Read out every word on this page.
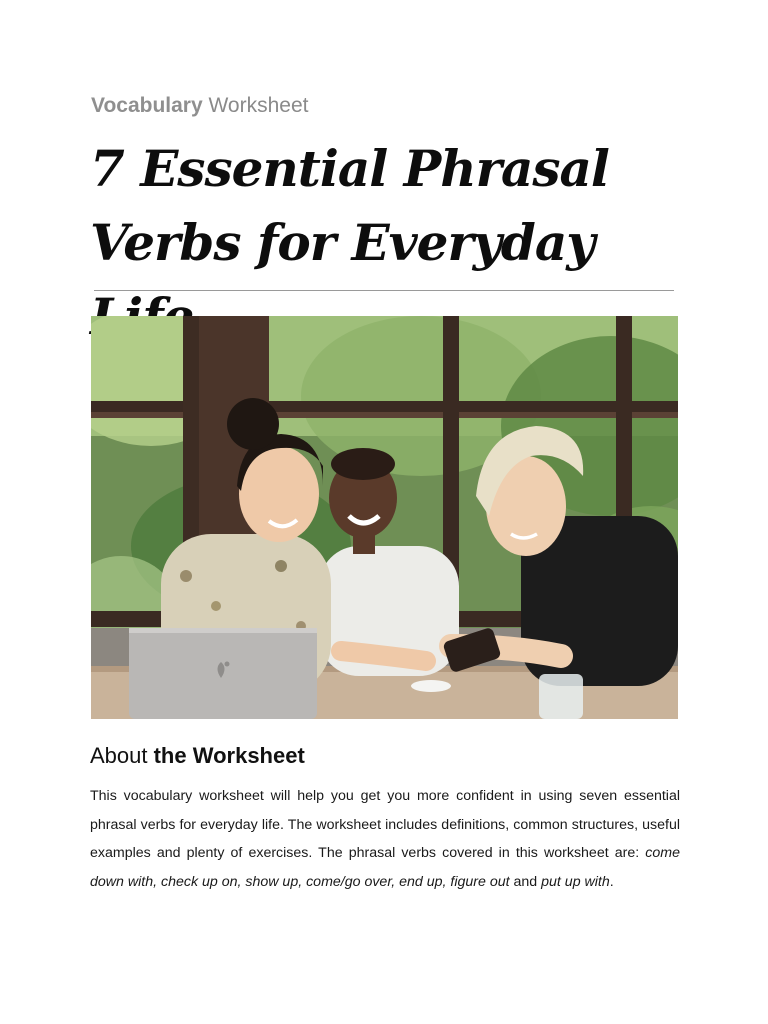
Vocabulary Worksheet
7 Essential Phrasal Verbs for Everyday
About the Worksheet
This vocabulary worksheet will help you get you more confident in using seven essential phrasal verbs for everyday life. The worksheet includes definitions, common structures, useful examples and plenty of exercises. The phrasal verbs covered in this worksheet are: come down with, check up on, show up, come/go over, end up, figure out and put up with.
